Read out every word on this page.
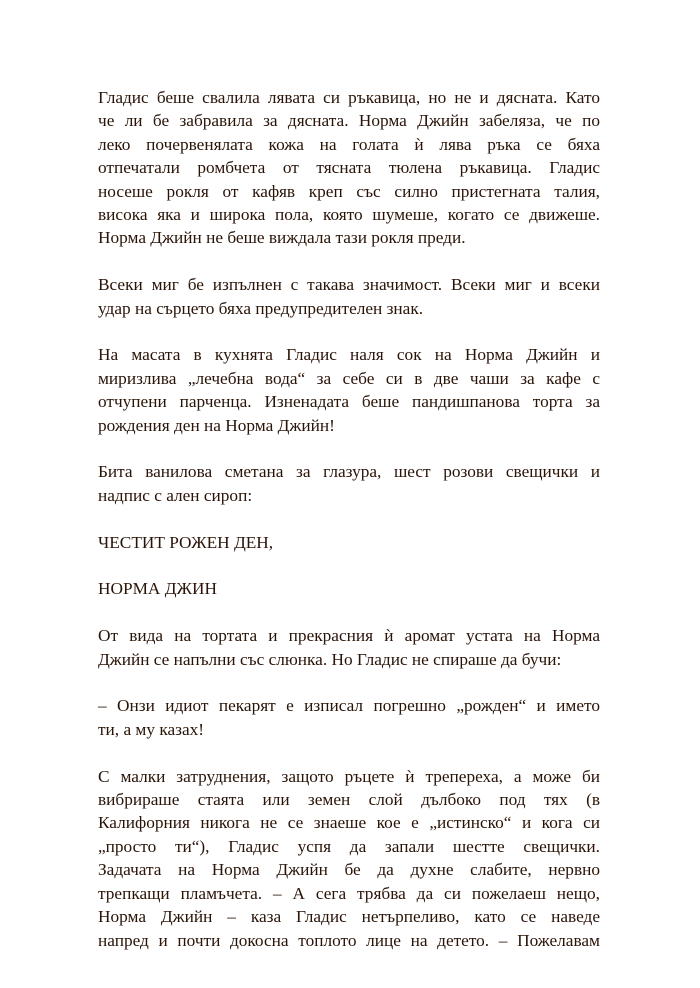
Гладис беше свалила лявата си ръкавица, но не и дясната. Като
че ли бе забравила за дясната. Норма Джийн забеляза, че по
леко почервенялата кожа на голата ѝ лява ръка се бяха
отпечатали ромбчета от тясната тюлена ръкавица. Гладис
носеше рокля от кафяв креп със силно пристегната талия,
висока яка и широка пола, която шумеше, когато се движеше.
Норма Джийн не беше виждала тази рокля преди.

Всеки миг бе изпълнен с такава значимост. Всеки миг и всеки
удар на сърцето бяха предупредителен знак.

На масата в кухнята Гладис наля сок на Норма Джийн и
миризлива „лечебна вода“ за себе си в две чаши за кафе с
отчупени парченца. Изненадата беше пандишпанова торта за
рождения ден на Норма Джийн!

Бита ванилова сметана за глазура, шест розови свещички и
надпис с ален сироп:

ЧЕСТИТ РОЖЕН ДЕН,

НОРМА ДЖИН

От вида на тортата и прекрасния ѝ аромат устата на Норма
Джийн се напълни със слюнка. Но Гладис не спираше да бучи:

– Онзи идиот пекарят е изписал погрешно „рожден“ и името
ти, а му казах!

С малки затруднения, защото ръцете ѝ трепереха, а може би
вибрираше стаята или земен слой дълбоко под тях (в
Калифорния никога не се знаеше кое е „истинско“ и кога си
„просто ти“), Гладис успя да запали шестте свещички.
Задачата на Норма Джийн бе да духне слабите, нервно
трепкащи пламъчета. – А сега трябва да си пожелаеш нещо,
Норма Джийн – каза Гладис нетърпеливо, като се наведе
напред и почти докосна топлото лице на детето. – Пожелавам
